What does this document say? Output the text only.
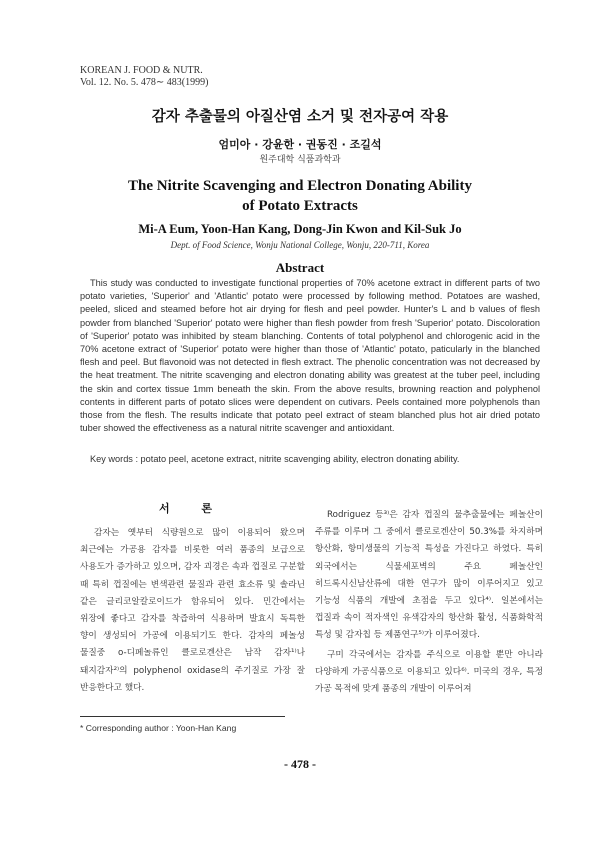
KOREAN J. FOOD & NUTR.
Vol. 12. No. 5. 478∼ 483(1999)
감자 추출물의 아질산염 소거 및 전자공여 작용
엄미아 · 강윤한 · 권동진 · 조길석
원주대학 식품과학과
The Nitrite Scavenging and Electron Donating Ability
of Potato Extracts
Mi-A Eum, Yoon-Han Kang, Dong-Jin Kwon and Kil-Suk Jo
Dept. of Food Science, Wonju National College, Wonju, 220-711, Korea
Abstract

This study was conducted to investigate functional properties of 70% acetone extract in different parts of two potato varieties, 'Superior' and 'Atlantic' potato were processed by following method. Potatoes are washed, peeled, sliced and steamed before hot air drying for flesh and peel powder. Hunter's L and b values of flesh powder from blanched 'Superior' potato were higher than flesh powder from fresh 'Superior' potato. Discoloration of 'Superior' potato was inhibited by steam blanching. Contents of total polyphenol and chlorogenic acid in the 70% acetone extract of 'Superior' potato were higher than those of 'Atlantic' potato, paticularly in the blanched flesh and peel. But flavonoid was not detected in flesh extract. The phenolic concentration was not decreased by the heat treatment. The nitrite scavenging and electron donating ability was greatest at the tuber peel, including the skin and cortex tissue 1mm beneath the skin. From the above results, browning reaction and polyphenol contents in different parts of potato slices were dependent on cutivars. Peels contained more polyphenols than those from the flesh. The results indicate that potato peel extract of steam blanched plus hot air dried potato tuber showed the effectiveness as a natural nitrite scavenger and antioxidant.

Key words : potato peel, acetone extract, nitrite scavenging ability, electron donating ability.
서 론

감자는 옛부터 식량원으로 많이 이용되어 왔으며 최근에는 가공용 감자를 비롯한 여러 품종의 보급으로 사용도가 증가하고 있으며, 감자 괴경은 속과 껍질로 구분할 때 특히 껍질에는 변색관련 물질과 관련 효소류 및 솔라닌 같은 글리코알칼로이드가 함유되어 있다. 민간에서는 위장에 좋다고 감자를 착즙하여 식용하며 발효시 독특한 향이 생성되어 가공에 이용되기도 한다. 감자의 페놀성 물질중 o-디페놀류인 클로로겐산은 남작 감자¹⁾나 돼지감자²⁾의 polyphenol oxidase의 주기질로 가장 잘 반응한다고 했다.

Rodriguez 등³⁾은 감자 껍질의 물추출물에는 페놀산이 주류를 이루며 그 중에서 클로로겐산이 50.3%를 차지하며 항산화, 항미생물의 기능적 특성을 가진다고 하였다. 특히 외국에서는 식물세포벽의 주요 페놀산인 히드록시신남산류에 대한 연구가 많이 이루어지고 있고 기능성 식품의 개발에 초점을 두고 있다⁴⁾. 일본에서는 껍질과 속이 적자색인 유색감자의 항산화 활성, 식품화학적 특성 및 감자칩 등 제품연구⁵⁾가 이루어졌다.

구미 각국에서는 감자를 주식으로 이용할 뿐만 아니라 다양하게 가공식품으로 이용되고 있다⁶⁾. 미국의 경우, 특정 가공 목적에 맞게 품종의 개발이 이루어져

* Corresponding author : Yoon-Han Kang
- 478 -
